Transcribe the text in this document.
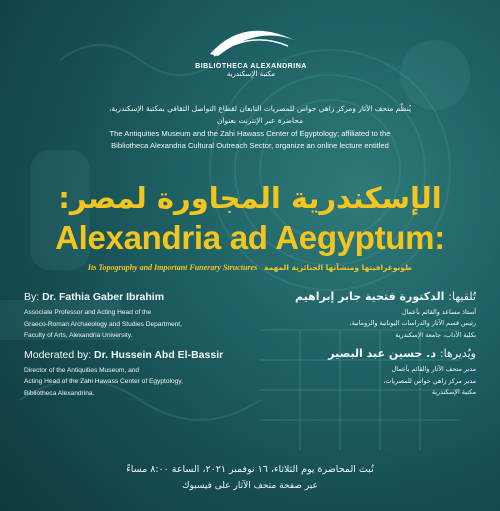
BIBLIOTHECA ALEXANDRINA
مكتبة الإسكندرية
يُنظّم متحف الآثار ومركز زاهي حواس للمصريات التابعان لقطاع التواصل الثقافي بمكتبة الإسكندرية،
محاضرة عبر الإنترنت بعنوان
The Antiquities Museum and the Zahi Hawass Center of Egyptology; affiliated to the
Bibliotheca Alexandria Cultural Outreach Sector, organize an online lecture entitled
الإسكندرية المجاورة لمصر:
Alexandria ad Aegyptum:
Its Topography and Important Funerary Structures طوبوغرافيتها ومنشآتها الجنائزية المهمة
By: Dr. Fathia Gaber Ibrahim
Associate Professor and Acting Head of the
Graeco-Roman Archaeology and Studies Department,
Faculty of Arts, Alexandria University.
Moderated by: Dr. Hussein Abd El-Bassir
Director of the Antiquities Museum, and
Acting Head of the Zahi Hawass Center of Egyptology,
Bibliotheca Alexandrina.
تُلقيها: الدكتورة فتحية جابر إبراهيم
أستاذ مساعد والقائم بأعمال
رئيس قسم الآثار والدراسات اليونانية والرومانية،
بكلية الآداب، جامعة الإسكندرية
ويُديرها: د. حسين عبد البصير
مدير متحف الآثار والقائم بأعمال
مدير مركز زاهي حواس للمصريات،
مكتبة الإسكندرية
تُبث المحاضرة يوم الثلاثاء، ١٦ نوفمبر ٢٠٢١، الساعة ٨:٠٠ مساءً
عبر صفحة متحف الآثار على فيسبوك
